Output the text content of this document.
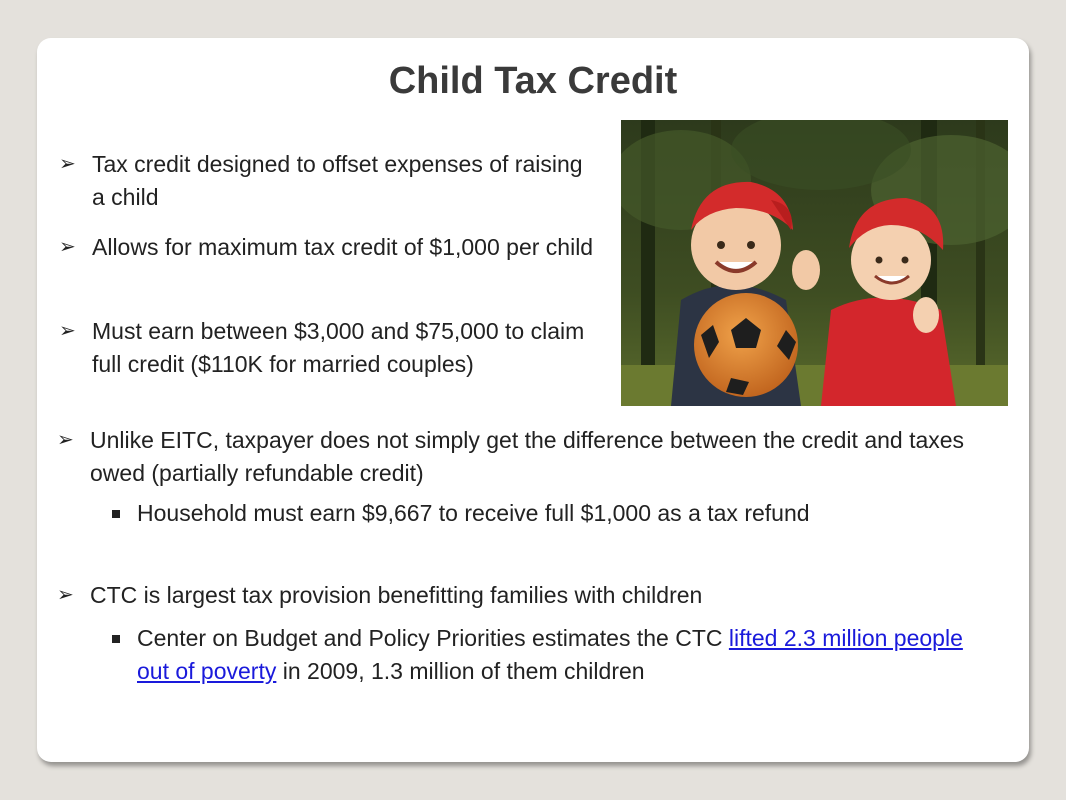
Child Tax Credit
➢ Tax credit designed to offset expenses of raising a child
➢ Allows for maximum tax credit of $1,000 per child
➢ Must earn between $3,000 and $75,000 to claim full credit ($110K for married couples)
➢ Unlike EITC, taxpayer does not simply get the difference between the credit and taxes owed (partially refundable credit)
Household must earn $9,667 to receive full $1,000 as a tax refund
➢ CTC is largest tax provision benefitting families with children
Center on Budget and Policy Priorities estimates the CTC lifted 2.3 million people out of poverty in 2009, 1.3 million of them children
